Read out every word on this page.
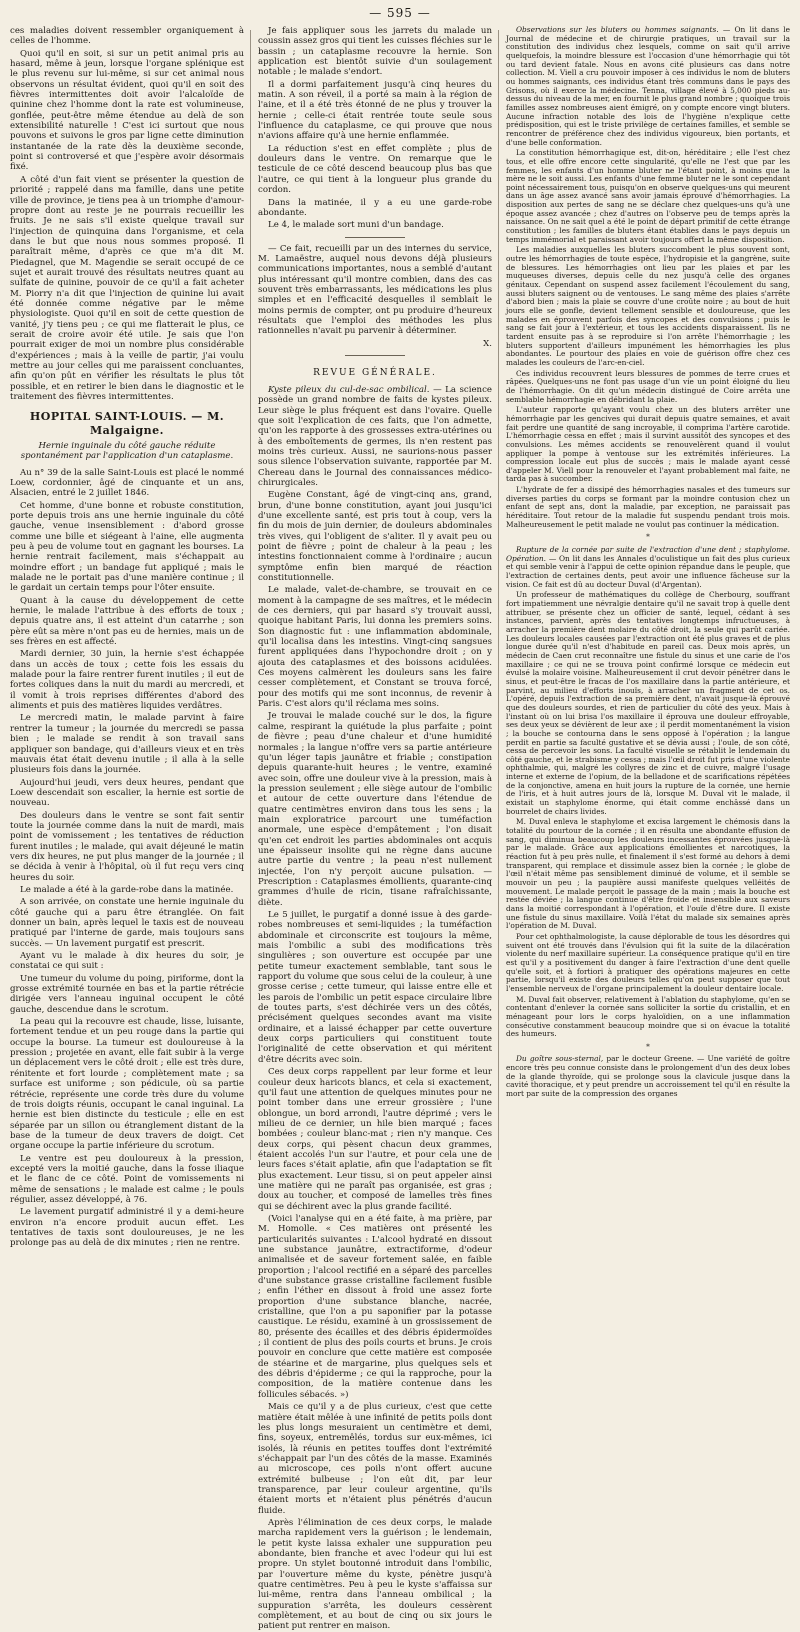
— 595 —

ces maladies doivent ressembler organiquement à celles de l'homme.

Quoi qu'il en soit, si sur un petit animal pris au hasard, même à jeun, lorsque l'organe splénique est le plus revenu sur lui-même, si sur cet animal nous observons un résultat évident, quoi qu'il en soit des fièvres intermittentes doit avoir l'alcaloïde de quinine chez l'homme dont la rate est volumineuse, gonflée, peut-être même étendue au delà de son extensibilité naturelle ! C'est ici surtout que nous pouvons et suivons le gros par ligne cette diminution instantanée de la rate dès la deuxième seconde, point si controversé et que j'espère avoir désormais fixé.

A côté d'un fait vient se présenter la question de priorité ; rappelé dans ma famille, dans une petite ville de province, je tiens pea à un triomphe d'amour-propre dont au reste je ne pourrais recueillir les fruits. Je ne sais s'il existe quelque travail sur l'injection de quinquina dans l'organisme, et cela dans le but que nous nous sommes proposé. Il paraîtrait même, d'après ce que m'a dit M. Piedagnel, que M. Magendie se serait occupé de ce sujet et aurait trouvé des résultats neutres quant au sulfate de quinine, pouvoir de ce qu'il a fait acheter M. Piorry n'a dit que l'injection de quinine lui avait été donnée comme négative par le même physiologiste. Quoi qu'il en soit de cette question de vanité, j'y tiens peu ; ce qui me flatterait le plus, ce serait de croire avoir été utile. Je sais que l'on pourrait exiger de moi un nombre plus considérable d'expériences ; mais à la veille de partir, j'ai voulu mettre au jour celles qui me paraissent concluantes, afin qu'on pût en vérifier les résultats le plus tôt possible, et en retirer le bien dans le diagnostic et le traitement des fièvres intermittentes.

HOPITAL SAINT-LOUIS. — M. Malgaigne.

Hernie inguinale du côté gauche réduite spontanément par l'application d'un cataplasme.

Au n° 39 de la salle Saint-Louis est placé le nommé Loew, cordonnier, âgé de cinquante et un ans, Alsacien, entré le 2 juillet 1846.

Cet homme, d'une bonne et robuste constitution, porte depuis trois ans une hernie inguinale du côté gauche, venue insensiblement : d'abord grosse comme une bille et siégeant à l'aine, elle augmenta peu à peu de volume tout en gagnant les bourses. La hernie rentrait facilement, mais s'échappait au moindre effort ; un bandage fut appliqué ; mais le malade ne le portait pas d'une manière continue ; il le gardait un certain temps pour l'ôter ensuite.

Quant à la cause du développement de cette hernie, le malade l'attribue à des efforts de toux ; depuis quatre ans, il est atteint d'un catarrhe ; son père eût sa mère n'ont pas eu de hernies, mais un de ses frères en est affecté.

Mardi dernier, 30 juin, la hernie s'est échappée dans un accès de toux ; cette fois les essais du malade pour la faire rentrer furent inutiles ; il eut de fortes coliques dans la nuit du mardi au mercredi, et il vomit à trois reprises différentes d'abord des aliments et puis des matières liquides verdâtres.

Le mercredi matin, le malade parvint à faire rentrer la tumeur ; la journée du mercredi se passa bien ; le malade se rendit à son travail sans appliquer son bandage, qui d'ailleurs vieux et en très mauvais état était devenu inutile ; il alla à la selle plusieurs fois dans la journée.

Aujourd'hui jeudi, vers deux heures, pendant que Loew descendait son escalier, la hernie est sortie de nouveau.

Des douleurs dans le ventre se sont fait sentir toute la journée comme dans la nuit de mardi, mais point de vomissement ; les tentatives de réduction furent inutiles ; le malade, qui avait déjeuné le matin vers dix heures, ne put plus manger de la journée ; il se décida à venir à l'hôpital, où il fut reçu vers cinq heures du soir.

Le malade a été à la garde-robe dans la matinée.

A son arrivée, on constate une hernie inguinale du côté gauche qui a paru être étranglée. On fait donner un bain, après lequel le taxis est de nouveau pratiqué par l'interne de garde, mais toujours sans succès. — Un lavement purgatif est prescrit.

Ayant vu le malade à dix heures du soir, je constatai ce qui suit :

Une tumeur du volume du poing, piriforme, dont la grosse extrémité tournée en bas et la partie rétrécie dirigée vers l'anneau inguinal occupent le côté gauche, descendue dans le scrotum.

La peau qui la recouvre est chaude, lisse, luisante, fortement tendue et un peu rouge dans la partie qui occupe la bourse. La tumeur est douloureuse à la pression ; projetée en avant, elle fait subir à la verge un déplacement vers le côté droit ; elle est très dure, rénitente et fort lourde ; complètement mate ; sa surface est uniforme ; son pédicule, où sa partie rétrécie, représente une corde très dure du volume de trois doigts réunis, occupant le canal inguinal. La hernie est bien distincte du testicule ; elle en est séparée par un sillon ou étranglement distant de la base de la tumeur de deux travers de doigt. Cet organe occupe la partie inférieure du scrotum.

Le ventre est peu douloureux à la pression, excepté vers la moitié gauche, dans la fosse iliaque et le flanc de ce côté. Point de vomissements ni même de sensations ; le malade est calme ; le pouls régulier, assez développé, à 76.

Le lavement purgatif administré il y a demi-heure environ n'a encore produit aucun effet. Les tentatives de taxis sont douloureuses, je ne les prolonge pas au delà de dix minutes ; rien ne rentre.

Je fais appliquer sous les jarrets du malade un coussin assez gros qui tient les cuisses fléchies sur le bassin ; un cataplasme recouvre la hernie. Son application est bientôt suivie d'un soulagement notable ; le malade s'endort.

Il a dormi parfaitement jusqu'à cinq heures du matin. A son réveil, il a porté sa main à la région de l'aine, et il a été très étonné de ne plus y trouver la hernie ; celle-ci était rentrée toute seule sous l'influence du cataplasme, ce qui prouve que nous n'avions affaire qu'à une hernie enflammée.

La réduction s'est en effet complète ; plus de douleurs dans le ventre. On remarque que le testicule de ce côté descend beaucoup plus bas que l'autre, ce qui tient à la longueur plus grande du cordon.

Dans la matinée, il y a eu une garde-robe abondante.

Le 4, le malade sort muni d'un bandage.

— Ce fait, recueilli par un des internes du service, M. Lamaëstre, auquel nous devons déjà plusieurs communications importantes, nous a semblé d'autant plus intéressant qu'il montre combien, dans des cas souvent très embarrassants, les médications les plus simples et en l'efficacité desquelles il semblait le moins permis de compter, ont pu produire d'heureux résultats que l'emploi des méthodes les plus rationnelles n'avait pu parvenir à déterminer.

X.

REVUE GÉNÉRALE.

Kyste pileux du cul-de-sac ombilical. — La science possède un grand nombre de faits de kystes pileux. Leur siège le plus fréquent est dans l'ovaire. Quelle que soit l'explication de ces faits, que l'on admette, qu'on les rapporte à des grossesses extra-utérines ou à des emboîtements de germes, ils n'en restent pas moins très curieux. Aussi, ne saurions-nous passer sous silence l'observation suivante, rapportée par M. Chereau dans le Journal des connaissances médico-chirurgicales.

Eugène Constant, âgé de vingt-cinq ans, grand, brun, d'une bonne constitution, ayant joui jusqu'ici d'une excellente santé, est pris tout à coup, vers la fin du mois de juin dernier, de douleurs abdominales très vives, qui l'obligent de s'aliter. Il y avait peu ou point de fièvre ; point de chaleur à la peau ; les intestins fonctionnaient comme à l'ordinaire ; aucun symptôme enfin bien marqué de réaction constitutionnelle.

Le malade, valet-de-chambre, se trouvait en ce moment à la campagne de ses maîtres, et le médecin de ces derniers, qui par hasard s'y trouvait aussi, quoique habitant Paris, lui donna les premiers soins. Son diagnostic fut : une inflammation abdominale, qu'il localisa dans les intestins. Vingt-cinq sangsues furent appliquées dans l'hypochondre droit ; on y ajouta des cataplasmes et des boissons acidulées. Ces moyens calmèrent les douleurs sans les faire cesser complètement, et Constant se trouva forcé, pour des motifs qui me sont inconnus, de revenir à Paris. C'est alors qu'il réclama mes soins.

Je trouvai le malade couché sur le dos, la figure calme, respirant la quiétude la plus parfaite ; point de fièvre ; peau d'une chaleur et d'une humidité normales ; la langue n'offre vers sa partie antérieure qu'un léger tapis jaunâtre et friable ; constipation depuis quarante-huit heures ; le ventre, examiné avec soin, offre une douleur vive à la pression, mais à la pression seulement ; elle siège autour de l'ombilic et autour de cette ouverture dans l'étendue de quatre centimètres environ dans tous les sens ; la main exploratrice parcourt une tuméfaction anormale, une espèce d'empâtement ; l'on disait qu'en cet endroit les parties abdominales ont acquis une épaisseur insolite qui ne règne dans aucune autre partie du ventre ; la peau n'est nullement injectée, l'on n'y perçoit aucune pulsation. — Prescription : Cataplasmes émollients, quarante-cinq grammes d'huile de ricin, tisane rafraîchissante, diète.

Le 5 juillet, le purgatif a donné issue à des garde-robes nombreuses et semi-liquides ; la tuméfaction abdominale et circonscrite est toujours la même, mais l'ombilic a subi des modifications très singulières ; son ouverture est occupée par une petite tumeur exactement semblable, tant sous le rapport du volume que sous celui de la couleur, à une grosse cerise ; cette tumeur, qui laisse entre elle et les parois de l'ombilic un petit espace circulaire libre de toutes parts, s'est déchirée vers un des côtés, précisément quelques secondes avant ma visite ordinaire, et a laissé échapper par cette ouverture deux corps particuliers qui constituent toute l'originalité de cette observation et qui méritent d'être décrits avec soin.

Ces deux corps rappellent par leur forme et leur couleur deux haricots blancs, et cela si exactement, qu'il faut une attention de quelques minutes pour ne point tomber dans une erreur grossière ; l'une oblongue, un bord arrondi, l'autre déprimé ; vers le milieu de ce dernier, un hile bien marqué ; faces bombées ; couleur blanc-mat ; rien n'y manque. Ces deux corps, qui pèsent chacun deux grammes, étaient accolés l'un sur l'autre, et pour cela une de leurs faces s'était aplatie, afin que l'adaptation se fît plus exactement. Leur tissu, si on peut appeler ainsi une matière qui ne paraît pas organisée, est gras ; doux au toucher, et composé de lamelles très fines qui se déchirent avec la plus grande facilité.

(Voici l'analyse qui en a été faite, à ma prière, par M. Homolle. « Ces matières ont présenté les particularités suivantes : L'alcool hydraté en dissout une substance jaunâtre, extractiforme, d'odeur animalisée et de saveur fortement salée, en faible proportion ; l'alcool rectifié en a séparé des parcelles d'une substance grasse cristalline facilement fusible ; enfin l'éther en dissout à froid une assez forte proportion d'une substance blanche, nacrée, cristalline, que l'on a pu saponifier par la potasse caustique. Le résidu, examiné à un grossissement de 80, présente des écailles et des débris épidermoïdes ; il contient de plus des poils courts et bruns. Je crois pouvoir en conclure que cette matière est composée de stéarine et de margarine, plus quelques sels et des débris d'épiderme ; ce qui la rapproche, pour la composition, de la matière contenue dans les follicules sébacés. »)

Mais ce qu'il y a de plus curieux, c'est que cette matière était mêlée à une infinité de petits poils dont les plus longs mesuraient un centimètre et demi, fins, soyeux, entremêlés, tordus sur eux-mêmes, ici isolés, là réunis en petites touffes dont l'extrémité s'échappait par l'un des côtés de la masse. Examinés au microscope, ces poils n'ont offert aucune extrémité bulbeuse ; l'on eût dit, par leur transparence, par leur couleur argentine, qu'ils étaient morts et n'étaient plus pénétrés d'aucun fluide.

Après l'élimination de ces deux corps, le malade marcha rapidement vers la guérison ; le lendemain, le petit kyste laissa exhaler une suppuration peu abondante, bien franche et avec l'odeur qui lui est propre. Un stylet boutonné introduit dans l'ombilic, par l'ouverture même du kyste, pénètre jusqu'à quatre centimètres. Peu à peu le kyste s'affaissa sur lui-même, rentra dans l'anneau ombilical ; la suppuration s'arrêta, les douleurs cessèrent complètement, et au bout de cinq ou six jours le patient put rentrer en maison.

Observations sur les bluters ou hommes saignants. — On lit dans le Journal de médecine et de chirurgie pratiques, un travail sur la constitution des individus chez lesquels, comme on sait qu'il arrive quelquefois, la moindre blessure est l'occasion d'une hémorrhagie qui tôt ou tard devient fatale. Nous en avons cité plusieurs cas dans notre collection. M. Viell a cru pouvoir imposer à ces individus le nom de bluters ou hommes saignants, ces individus étant très communs dans le pays des Grisons, où il exerce la médecine. Tenna, village élevé à 5,000 pieds au-dessus du niveau de la mer, en fournit le plus grand nombre ; quoique trois familles assez nombreuses aient émigré, on y compte encore vingt bluters. Aucune infraction notable des lois de l'hygiène n'explique cette prédisposition, qui est le triste privilège de certaines familles, et semble se rencontrer de préférence chez des individus vigoureux, bien portants, et d'une belle conformation.

La constitution hémorrhagique est, dit-on, héréditaire ; elle l'est chez tous, et elle offre encore cette singularité, qu'elle ne l'est que par les femmes, les enfants d'un homme bluter ne l'étant point, à moins que la mère ne le soit aussi. Les enfants d'une femme bluter ne le sont cependant point nécessairement tous, puisqu'on en observe quelques-uns qui meurent dans un âge assez avancé sans avoir jamais éprouvé d'hémorrhagies. La disposition aux pertes de sang ne se déclare chez quelques-uns qu'à une époque assez avancée ; chez d'autres on l'observe peu de temps après la naissance. On ne sait quel a été le point de départ primitif de cette étrange constitution ; les familles de bluters étant établies dans le pays depuis un temps immémorial et paraissant avoir toujours offert la même disposition.

Les maladies auxquelles les bluters succombent le plus souvent sont, outre les hémorrhagies de toute espèce, l'hydropisie et la gangrène, suite de blessures. Les hémorrhagies ont lieu par les plaies et par les muqueuses diverses, depuis celle du nez jusqu'à celle des organes génitaux. Cependant on suspend assez facilement l'écoulement du sang, aussi bluters saignent ou de ventouses. Le sang même des plaies s'arrête d'abord bien ; mais la plaie se couvre d'une croûte noire ; au bout de huit jours elle se gonfle, devient tellement sensible et douloureuse, que les malades en éprouvent parfois des syncopes et des convulsions ; puis le sang se fait jour à l'extérieur, et tous les accidents disparaissent. Ils ne tardent ensuite pas à se reproduire si l'on arrête l'hémorrhagie ; les bluters supportent d'ailleurs impunément les hémorrhagies les plus abondantes. Le pourtour des plaies en voie de guérison offre chez ces malades les couleurs de l'arc-en-ciel.

Ces individus recouvrent leurs blessures de pommes de terre crues et râpées. Quelques-uns ne font pas usage d'un vie un point éloigné du lieu de l'hémorrhagie. On dit qu'un médecin distingué de Coire arrêta une semblable hémorrhagie en débridant la plaie.

L'auteur rapporte qu'ayant voulu chez un des bluters arrêter une hémorrhagie par les gencives qui durait depuis quatre semaines, et avait fait perdre une quantité de sang incroyable, il comprima l'artère carotide. L'hémorrhagie cessa en effet ; mais il survint aussitôt des syncopes et des convulsions. Les mêmes accidents se renouvelèrent quand il voulut appliquer la pompe à ventouse sur les extrémités inférieures. La compression locale eut plus de succès ; mais le malade ayant cessé d'appeler M. Viell pour la renouveler et l'ayant probablement mal faite, ne tarda pas à succomber.

L'hydrate de fer a dissipé des hémorrhagies nasales et des tumeurs sur diverses parties du corps se formant par la moindre contusion chez un enfant de sept ans, dont la maladie, par exception, ne paraissait pas héréditaire. Tout retour de la maladie fut suspendu pendant trois mois. Malheureusement le petit malade ne voulut pas continuer la médication.

*

Rupture de la cornée par suite de l'extraction d'une dent ; staphylome. Opération. — On lit dans les Annales d'oculistique un fait des plus curieux et qui semble venir à l'appui de cette opinion répandue dans le peuple, que l'extraction de certaines dents, peut avoir une influence fâcheuse sur la vision. Ce fait est dû au docteur Duval (d'Argentan).

Un professeur de mathématiques du collège de Cherbourg, souffrant fort impatiemment une névralgie dentaire qu'il ne savait trop à quelle dent attribuer, se présente chez un officier de santé, lequel, cédant à ses instances, parvient, après des tentatives longtemps infructueuses, à arracher la première dent molaire du côté droit, la seule qui parût cariée. Les douleurs locales causées par l'extraction ont été plus graves et de plus longue durée qu'il n'est d'habitude en pareil cas. Deux mois après, un médecin de Caen crut reconnaître une fistule du sinus et une carie de l'os maxillaire ; ce qui ne se trouva point confirmé lorsque ce médecin eut évulsé la molaire voisine. Malheureusement il crut devoir pénétrer dans le sinus, et peut-être le fracas de l'os maxillaire dans la partie antérieure, et parvint, au milieu d'efforts inouïs, à arracher un fragment de cet os. L'opéré, depuis l'extraction de sa première dent, n'avait jusque-là éprouvé que des douleurs sourdes, et rien de particulier du côté des yeux. Mais à l'instant où on lui brisa l'os maxillaire il éprouva une douleur effroyable, ses deux yeux se dévièrent de leur axe ; il perdit momentanément la vision ; la bouche se contourna dans le sens opposé à l'opération ; la langue perdit en partie sa faculté gustative et se dévia aussi ; l'oule, de son côté, cessa de percevoir les sons. La faculté visuelle se rétablit le lendemain du côté gauche, et le strabisme y cessa ; mais l'œil droit fut pris d'une violente ophthalmie, qui, malgré les collyres de zinc et de cuivre, malgré l'usage interne et externe de l'opium, de la belladone et de scarifications répétées de la conjonctive, amena en huit jours la rupture de la cornée, une hernie de l'iris, et à huit autres jours de là, lorsque M. Duval vit le malade, il existait un staphylome énorme, qui était comme enchâssé dans un bourrelet de chairs livides.

M. Duval enleva le staphylome et excisa largement le chémosis dans la totalité du pourtour de la cornée ; il en résulta une abondante effusion de sang, qui diminua beaucoup les douleurs incessantes éprouvées jusque-là par le malade. Grâce aux applications émollientes et narcotiques, la réaction fut à peu près nulle, et finalement il s'est formé au dehors à demi transparent, qui remplace et dissimule assez bien la cornée ; le globe de l'œil n'était même pas sensiblement diminué de volume, et il semble se mouvoir un peu ; la paupière aussi manifeste quelques velléités de mouvement. Le malade perçoit le passage de la main ; mais la bouche est restée déviée ; la langue continue d'être froide et insensible aux saveurs dans la moitié correspondant à l'opération, et l'ouïe d'être dure. Il existe une fistule du sinus maxillaire. Voilà l'état du malade six semaines après l'opération de M. Duval.

Pour cet ophthalmologiste, la cause déplorable de tous les désordres qui suivent ont été trouvés dans l'évulsion qui fit la suite de la dilacération violente du nerf maxillaire supérieur. La conséquence pratique qu'il en tire est qu'il y a positivement du danger à faire l'extraction d'une dent quelle qu'elle soit, et à fortiori à pratiquer des opérations majeures en cette partie, lorsqu'il existe des douleurs telles qu'on peut supposer que tout l'ensemble nerveux de l'organe principalement la douleur dentaire locale.

M. Duval fait observer, relativement à l'ablation du staphylome, qu'en se contentant d'enlever la cornée sans solliciter la sortie du cristallin, et en ménageant pour lors le corps hyaloïdien, on a une inflammation consécutive constamment beaucoup moindre que si on évacue la totalité des humeurs.

*

Du goître sous-sternal, par le docteur Greene. — Une variété de goître encore très peu connue consiste dans le prolongement d'un des deux lobes de la glande thyroïde, qui se prolonge sous la clavicule jusque dans la cavité thoracique, et y peut prendre un accroissement tel qu'il en résulte la mort par suite de la compression des organes
